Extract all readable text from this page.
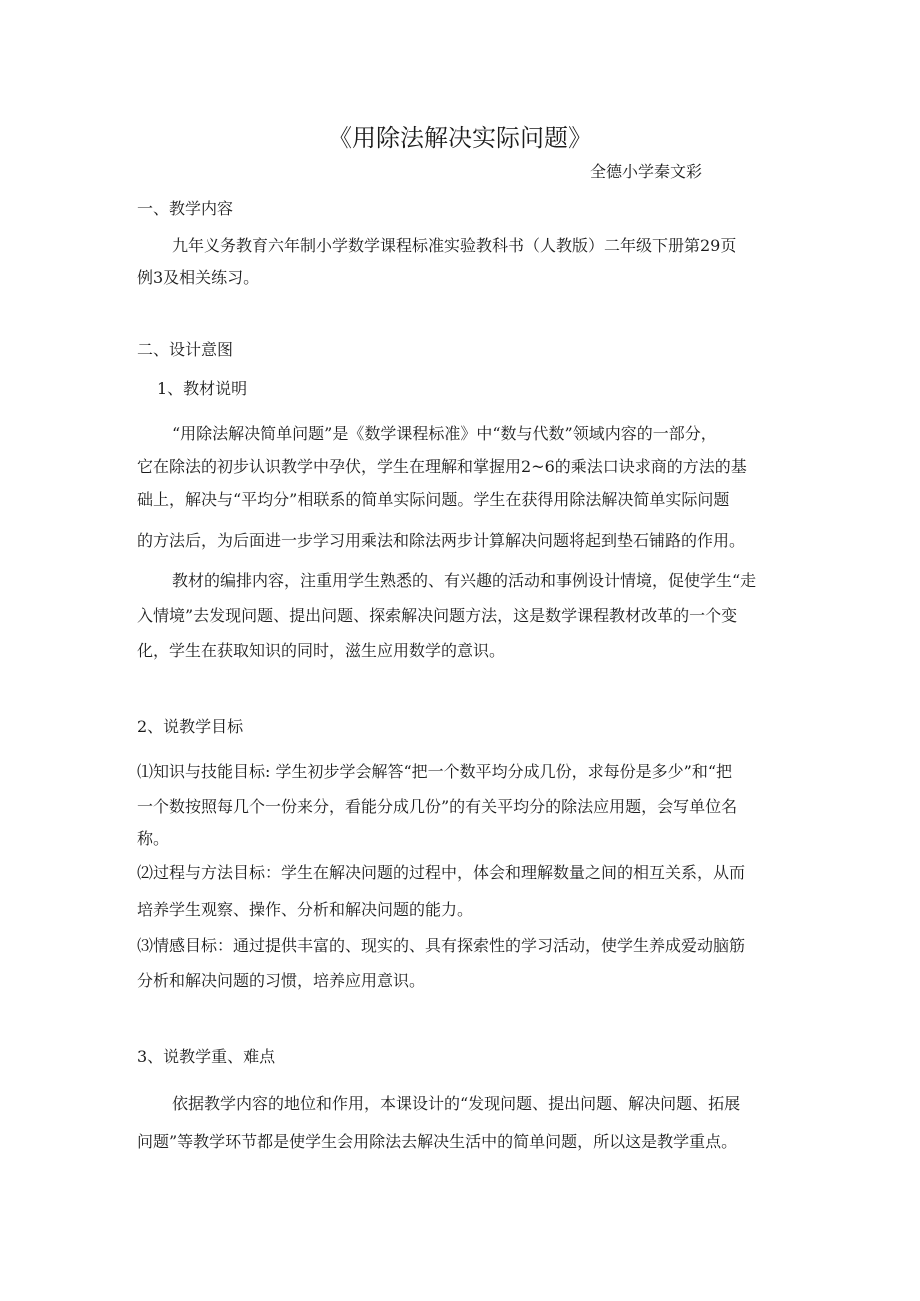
《用除法解决实际问题》
全德小学秦文彩
一、教学内容
九年义务教育六年制小学数学课程标准实验教科书（人教版）二年级下册第29页
例3及相关练习。
二、设计意图
1、教材说明
“用除法解决简单问题”是《数学课程标准》中“数与代数”领域内容的一部分，
它在除法的初步认识教学中孕伏，学生在理解和掌握用2~6的乘法口诀求商的方法的基
础上，解决与“平均分”相联系的简单实际问题。学生在获得用除法解决简单实际问题
的方法后，为后面进一步学习用乘法和除法两步计算解决问题将起到垫石铺路的作用。
教材的编排内容，注重用学生熟悉的、有兴趣的活动和事例设计情境，促使学生“走
入情境”去发现问题、提出问题、探索解决问题方法，这是数学课程教材改革的一个变
化，学生在获取知识的同时，滋生应用数学的意识。
2、说教学目标
⑴知识与技能目标: 学生初步学会解答“把一个数平均分成几份，求每份是多少”和“把
一个数按照每几个一份来分，看能分成几份”的有关平均分的除法应用题，会写单位名
称。
⑵过程与方法目标：学生在解决问题的过程中，体会和理解数量之间的相互关系，从而
培养学生观察、操作、分析和解决问题的能力。
⑶情感目标：通过提供丰富的、现实的、具有探索性的学习活动，使学生养成爱动脑筋
分析和解决问题的习惯，培养应用意识。
3、说教学重、难点
依据教学内容的地位和作用，本课设计的“发现问题、提出问题、解决问题、拓展
问题”等教学环节都是使学生会用除法去解决生活中的简单问题，所以这是教学重点。
